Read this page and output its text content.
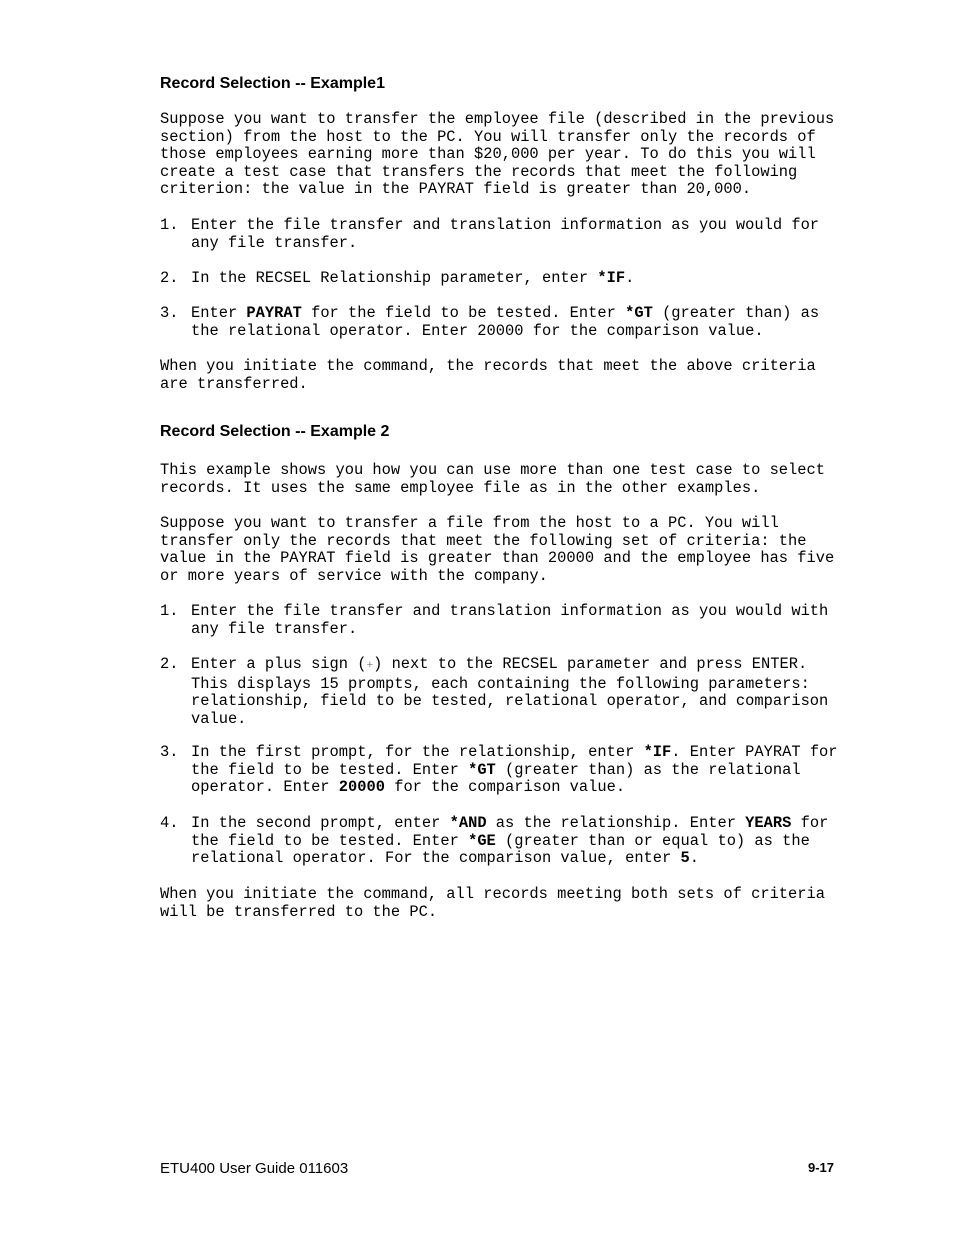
Record Selection -- Example1

Suppose you want to transfer the employee file (described in the previous section) from the host to the PC. You will transfer only the records of those employees earning more than $20,000 per year. To do this you will create a test case that transfers the records that meet the following criterion: the value in the PAYRAT field is greater than 20,000.

1. Enter the file transfer and translation information as you would for any file transfer.
2. In the RECSEL Relationship parameter, enter *IF.
3. Enter PAYRAT for the field to be tested. Enter *GT (greater than) as the relational operator. Enter 20000 for the comparison value.

When you initiate the command, the records that meet the above criteria are transferred.

Record Selection -- Example 2

This example shows you how you can use more than one test case to select records. It uses the same employee file as in the other examples.

Suppose you want to transfer a file from the host to a PC. You will transfer only the records that meet the following set of criteria: the value in the PAYRAT field is greater than 20000 and the employee has five or more years of service with the company.

1. Enter the file transfer and translation information as you would with any file transfer.
2. Enter a plus sign (+) next to the RECSEL parameter and press ENTER. This displays 15 prompts, each containing the following parameters: relationship, field to be tested, relational operator, and comparison value.
3. In the first prompt, for the relationship, enter *IF. Enter PAYRAT for the field to be tested. Enter *GT (greater than) as the relational operator. Enter 20000 for the comparison value.
4. In the second prompt, enter *AND as the relationship. Enter YEARS for the field to be tested. Enter *GE (greater than or equal to) as the relational operator. For the comparison value, enter 5.

When you initiate the command, all records meeting both sets of criteria will be transferred to the PC.

ETU400 User Guide 011603	9-17
